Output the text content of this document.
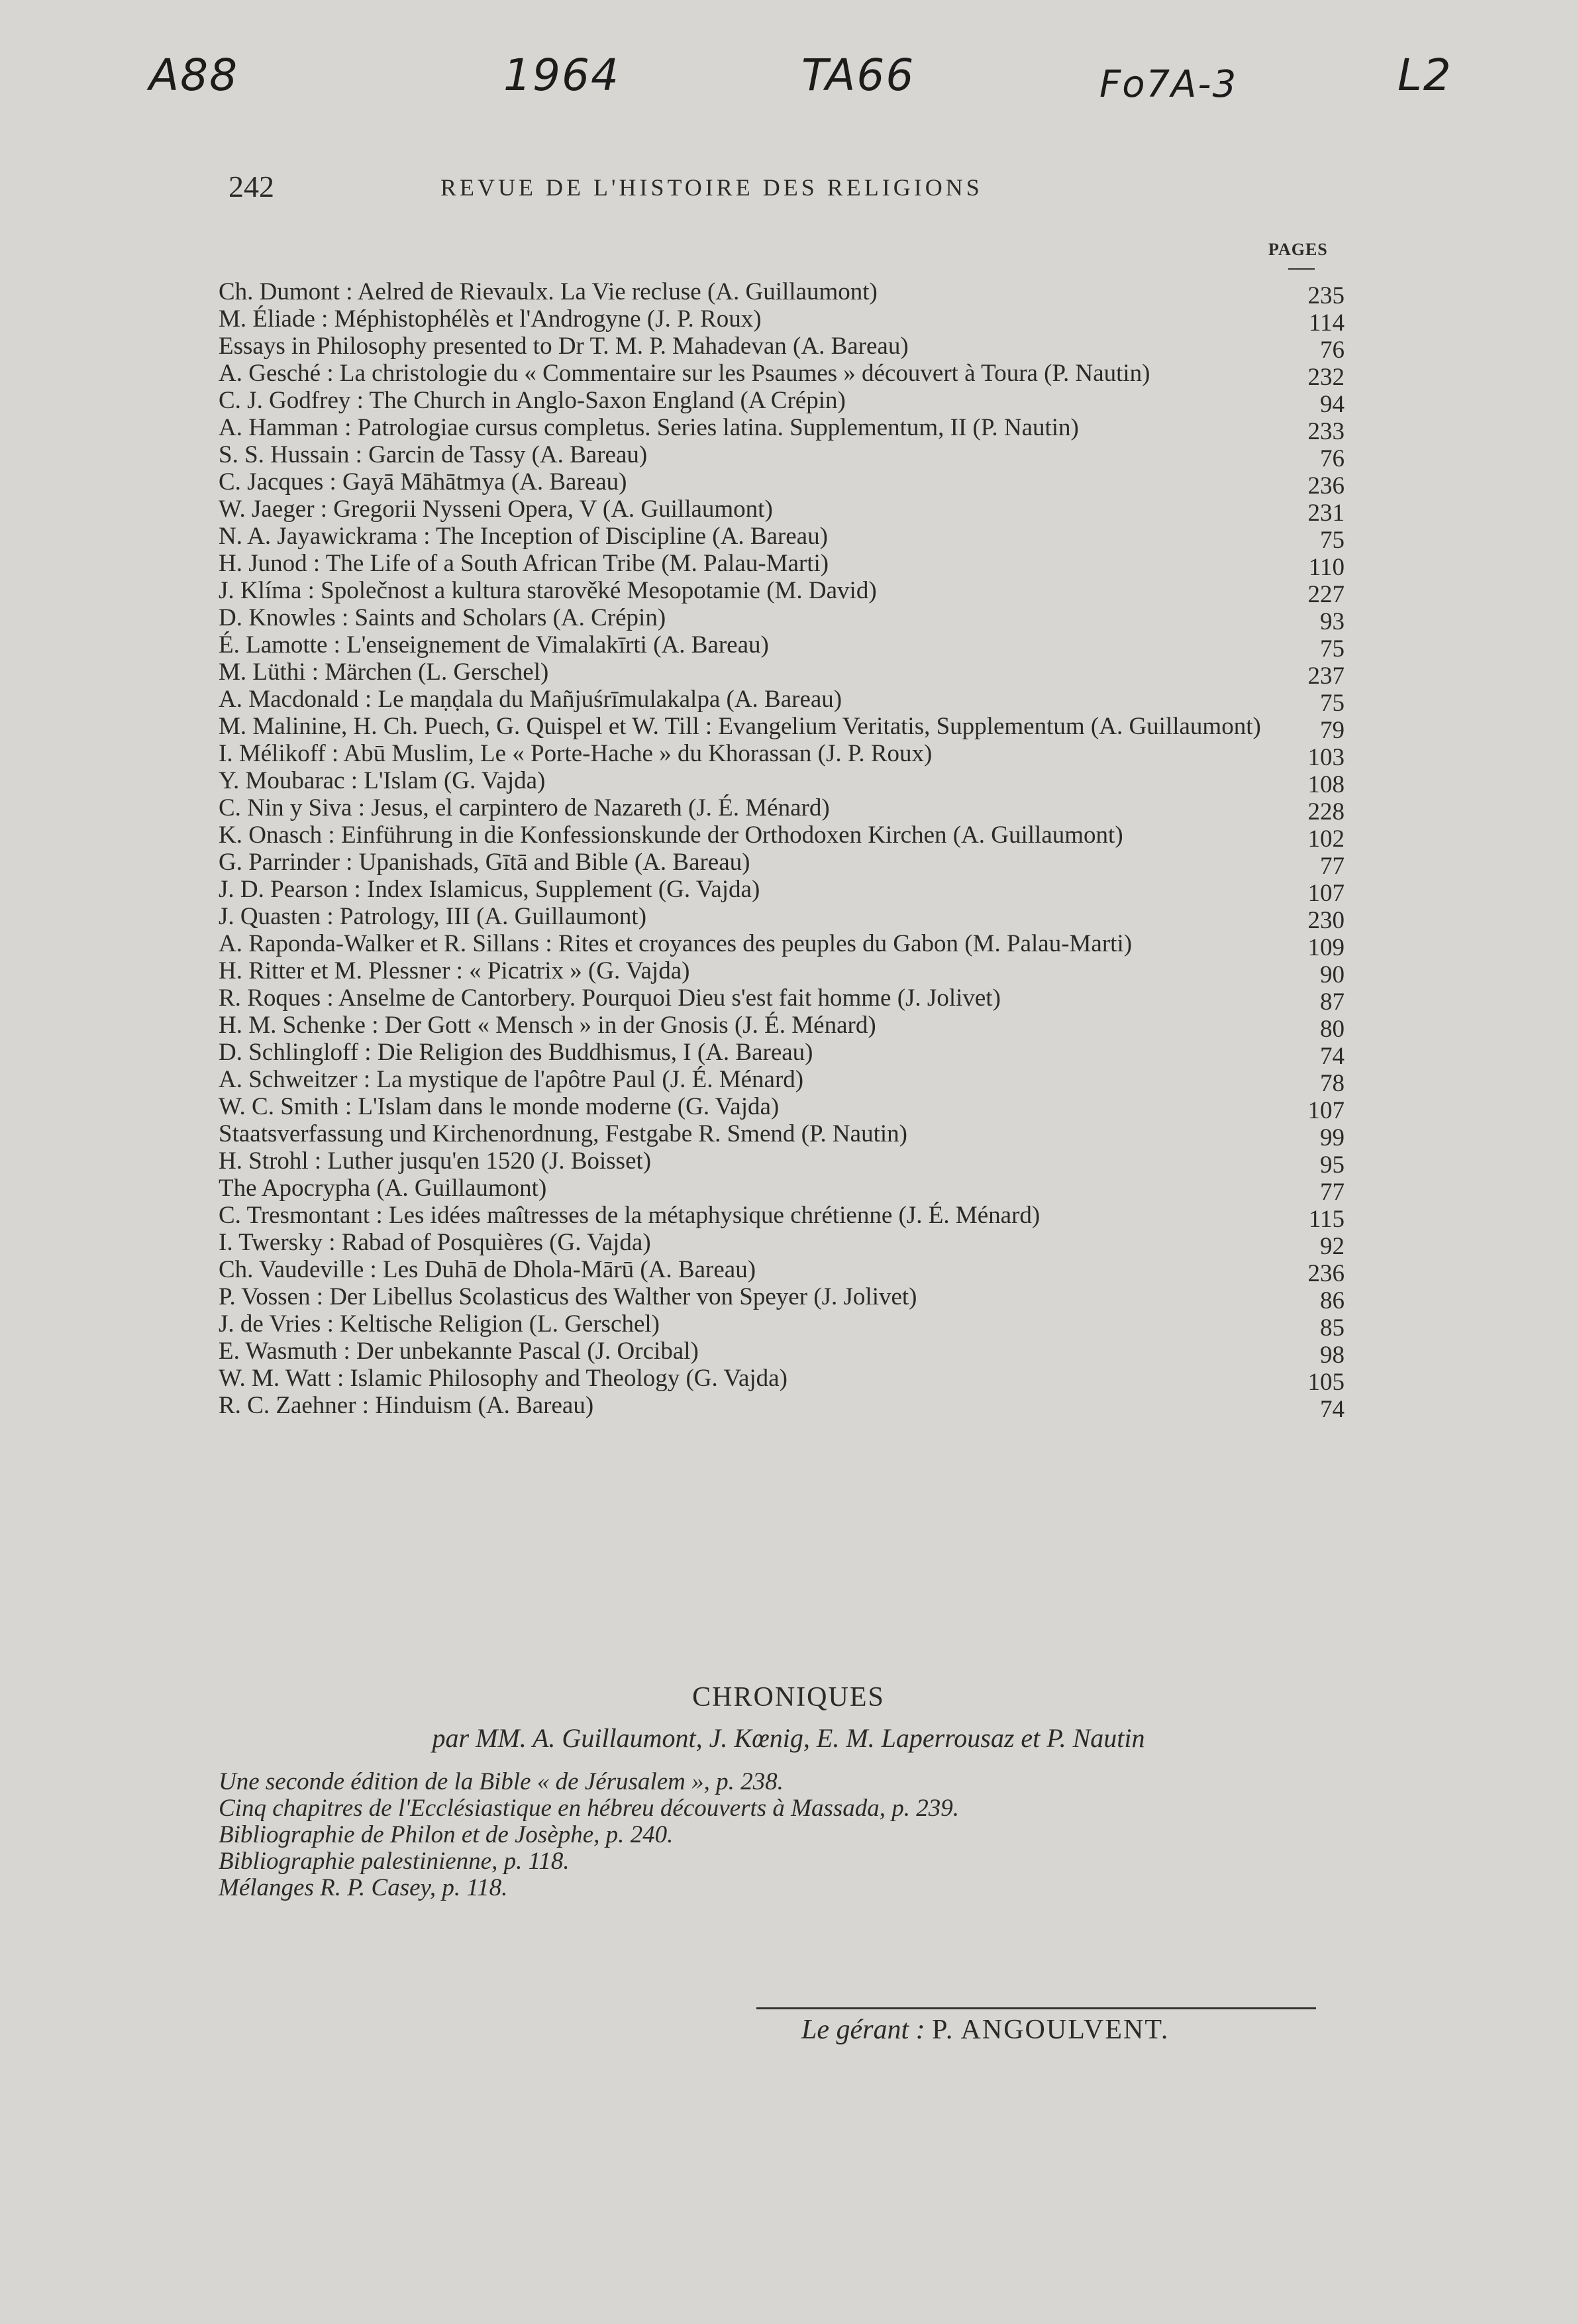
A88	1964	TA66	Fo7A-3	L2
242	REVUE DE L'HISTOIRE DES RELIGIONS
PAGES
Ch. Dumont : Aelred de Rievaulx. La Vie recluse (A. Guillaumont)	235
M. Éliade : Méphistophélès et l'Androgyne (J. P. Roux)	114
Essays in Philosophy presented to Dr T. M. P. Mahadevan (A. Bareau)	76
A. Gesché : La christologie du « Commentaire sur les Psaumes » découvert à Toura (P. Nautin)	232
C. J. Godfrey : The Church in Anglo-Saxon England (A Crépin)	94
A. Hamman : Patrologiae cursus completus. Series latina. Supplementum, II (P. Nautin)	233
S. S. Hussain : Garcin de Tassy (A. Bareau)	76
C. Jacques : Gayā Māhātmya (A. Bareau)	236
W. Jaeger : Gregorii Nysseni Opera, V (A. Guillaumont)	231
N. A. Jayawickrama : The Inception of Discipline (A. Bareau)	75
H. Junod : The Life of a South African Tribe (M. Palau-Marti)	110
J. Klíma : Společnost a kultura starověké Mesopotamie (M. David)	227
D. Knowles : Saints and Scholars (A. Crépin)	93
É. Lamotte : L'enseignement de Vimalakīrti (A. Bareau)	75
M. Lüthi : Märchen (L. Gerschel)	237
A. Macdonald : Le maṇḍala du Mañjuśrīmulakalpa (A. Bareau)	75
M. Malinine, H. Ch. Puech, G. Quispel et W. Till : Evangelium Veritatis, Supplementum (A. Guillaumont)	79
I. Mélikoff : Abū Muslim, Le « Porte-Hache » du Khorassan (J. P. Roux)	103
Y. Moubarac : L'Islam (G. Vajda)	108
C. Nin y Siva : Jesus, el carpintero de Nazareth (J. É. Ménard)	228
K. Onasch : Einführung in die Konfessionskunde der Orthodoxen Kirchen (A. Guillaumont)	102
G. Parrinder : Upanishads, Gītā and Bible (A. Bareau)	77
J. D. Pearson : Index Islamicus, Supplement (G. Vajda)	107
J. Quasten : Patrology, III (A. Guillaumont)	230
A. Raponda-Walker et R. Sillans : Rites et croyances des peuples du Gabon (M. Palau-Marti)	109
H. Ritter et M. Plessner : « Picatrix » (G. Vajda)	90
R. Roques : Anselme de Cantorbery. Pourquoi Dieu s'est fait homme (J. Jolivet)	87
H. M. Schenke : Der Gott « Mensch » in der Gnosis (J. É. Ménard)	80
D. Schlingloff : Die Religion des Buddhismus, I (A. Bareau)	74
A. Schweitzer : La mystique de l'apôtre Paul (J. É. Ménard)	78
W. C. Smith : L'Islam dans le monde moderne (G. Vajda)	107
Staatsverfassung und Kirchenordnung, Festgabe R. Smend (P. Nautin)	99
H. Strohl : Luther jusqu'en 1520 (J. Boisset)	95
The Apocrypha (A. Guillaumont)	77
C. Tresmontant : Les idées maîtresses de la métaphysique chrétienne (J. É. Ménard)	115
I. Twersky : Rabad of Posquières (G. Vajda)	92
Ch. Vaudeville : Les Duhā de Dhola-Mārū (A. Bareau)	236
P. Vossen : Der Libellus Scolasticus des Walther von Speyer (J. Jolivet)	86
J. de Vries : Keltische Religion (L. Gerschel)	85
E. Wasmuth : Der unbekannte Pascal (J. Orcibal)	98
W. M. Watt : Islamic Philosophy and Theology (G. Vajda)	105
R. C. Zaehner : Hinduism (A. Bareau)	74
CHRONIQUES
par MM. A. Guillaumont, J. Kœnig, E. M. Laperrousaz et P. Nautin
Une seconde édition de la Bible « de Jérusalem », p. 238.
Cinq chapitres de l'Ecclésiastique en hébreu découverts à Massada, p. 239.
Bibliographie de Philon et de Josèphe, p. 240.
Bibliographie palestinienne, p. 118.
Mélanges R. P. Casey, p. 118.
Le gérant : P. ANGOULVENT.
